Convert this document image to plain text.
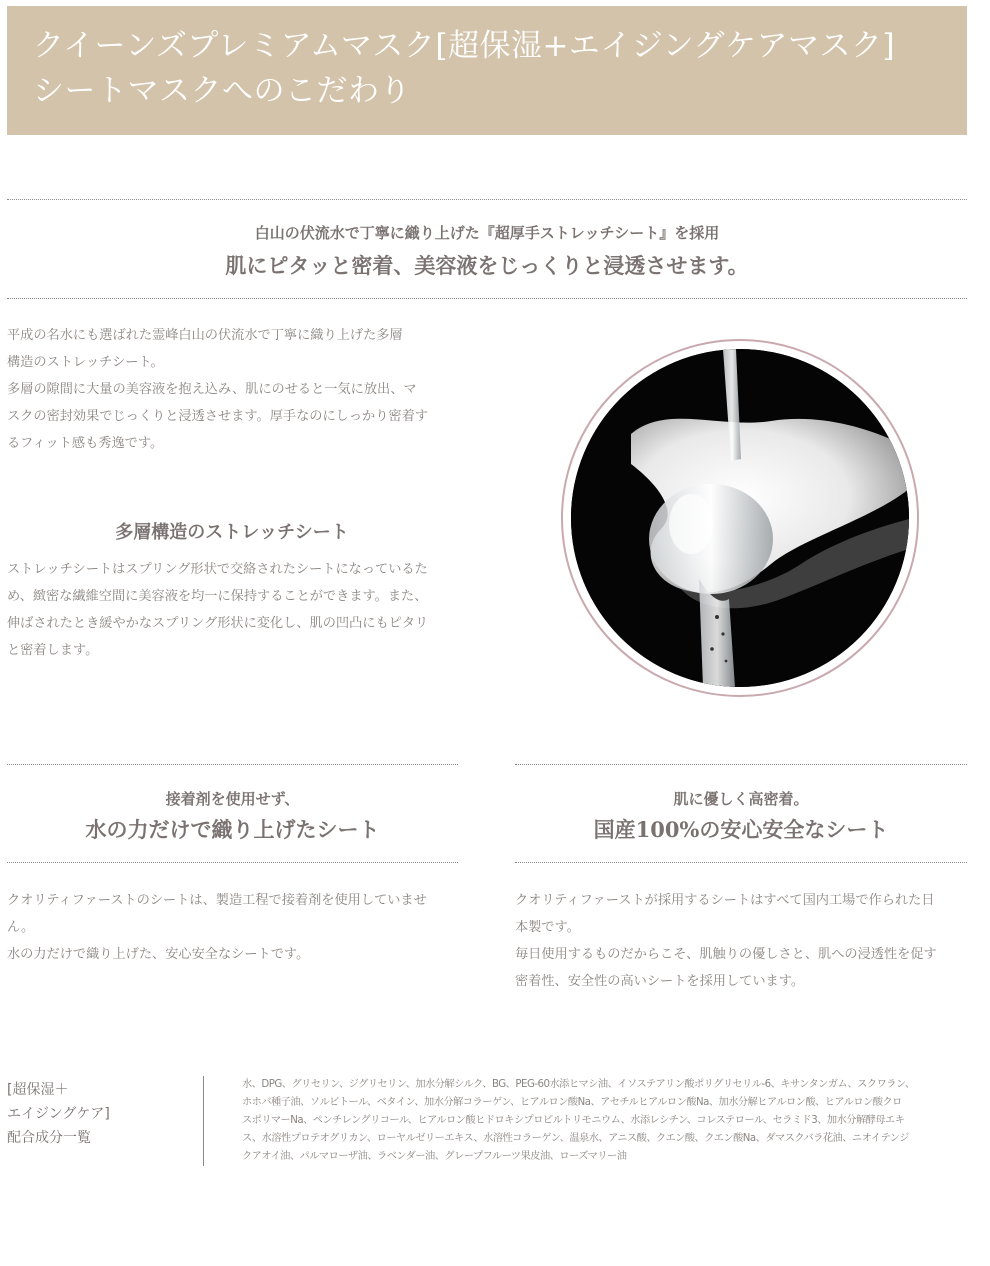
クイーンズプレミアムマスク[超保湿+エイジングケアマスク]
シートマスクへのこだわり
白山の伏流水で丁寧に織り上げた『超厚手ストレッチシート』を採用
肌にピタッと密着、美容液をじっくりと浸透させます。
平成の名水にも選ばれた霊峰白山の伏流水で丁寧に織り上げた多層
構造のストレッチシート。
多層の隙間に大量の美容液を抱え込み、肌にのせると一気に放出、マ
スクの密封効果でじっくりと浸透させます。厚手なのにしっかり密着す
るフィット感も秀逸です。
多層構造のストレッチシート
ストレッチシートはスプリング形状で交絡されたシートになっているた
め、緻密な繊維空間に美容液を均一に保持することができます。また、
伸ばされたとき緩やかなスプリング形状に変化し、肌の凹凸にもピタリ
と密着します。
接着剤を使用せず、
水の力だけで織り上げたシート
クオリティファーストのシートは、製造工程で接着剤を使用していませ
ん。
水の力だけで織り上げた、安心安全なシートです。
肌に優しく高密着。
国産100%の安心安全なシート
クオリティファーストが採用するシートはすべて国内工場で作られた日
本製です。
毎日使用するものだからこそ、肌触りの優しさと、肌への浸透性を促す
密着性、安全性の高いシートを採用しています。
[超保湿＋
エイジングケア]
配合成分一覧
水、DPG、グリセリン、ジグリセリン、加水分解シルク、BG、PEG-60水添ヒマシ油、イソステアリン酸ポリグリセリル-6、キサンタンガム、スクワラン、
ホホバ種子油、ソルビトール、ベタイン、加水分解コラーゲン、ヒアルロン酸Na、アセチルヒアルロン酸Na、加水分解ヒアルロン酸、ヒアルロン酸クロ
スポリマーNa、ペンチレングリコール、ヒアルロン酸ヒドロキシプロピルトリモニウム、水添レシチン、コレステロール、セラミド3、加水分解酵母エキ
ス、水溶性プロテオグリカン、ローヤルゼリーエキス、水溶性コラーゲン、温泉水、アニス酸、クエン酸、クエン酸Na、ダマスクバラ花油、ニオイテンジ
クアオイ油、パルマローザ油、ラベンダー油、グレープフルーツ果皮油、ローズマリー油
